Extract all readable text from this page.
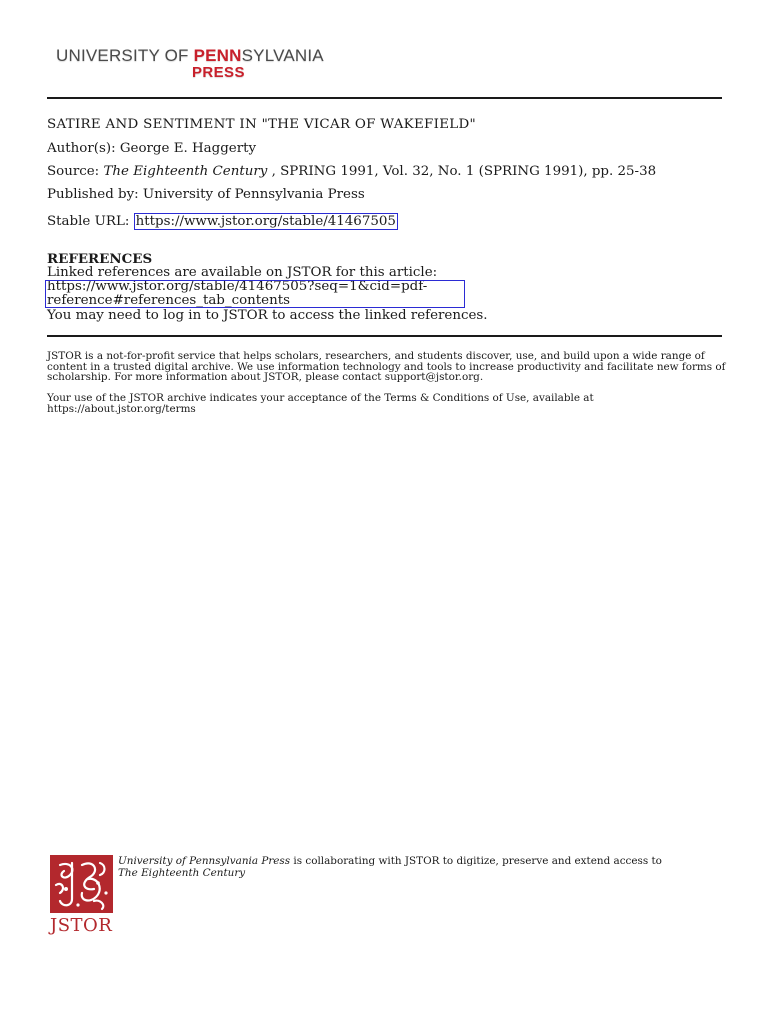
UNIVERSITY OF PENNSYLVANIA
PRESS
SATIRE AND SENTIMENT IN "THE VICAR OF WAKEFIELD"
Author(s): George E. Haggerty
Source: The Eighteenth Century , SPRING 1991, Vol. 32, No. 1 (SPRING 1991), pp. 25-38
Published by: University of Pennsylvania Press
Stable URL: https://www.jstor.org/stable/41467505
REFERENCES
Linked references are available on JSTOR for this article:
https://www.jstor.org/stable/41467505?seq=1&cid=pdf-
reference#references_tab_contents
You may need to log in to JSTOR to access the linked references.
JSTOR is a not-for-profit service that helps scholars, researchers, and students discover, use, and build upon a wide range of content in a trusted digital archive. We use information technology and tools to increase productivity and facilitate new forms of scholarship. For more information about JSTOR, please contact support@jstor.org.
Your use of the JSTOR archive indicates your acceptance of the Terms & Conditions of Use, available at https://about.jstor.org/terms
JSTOR
University of Pennsylvania Press is collaborating with JSTOR to digitize, preserve and extend access to The Eighteenth Century
